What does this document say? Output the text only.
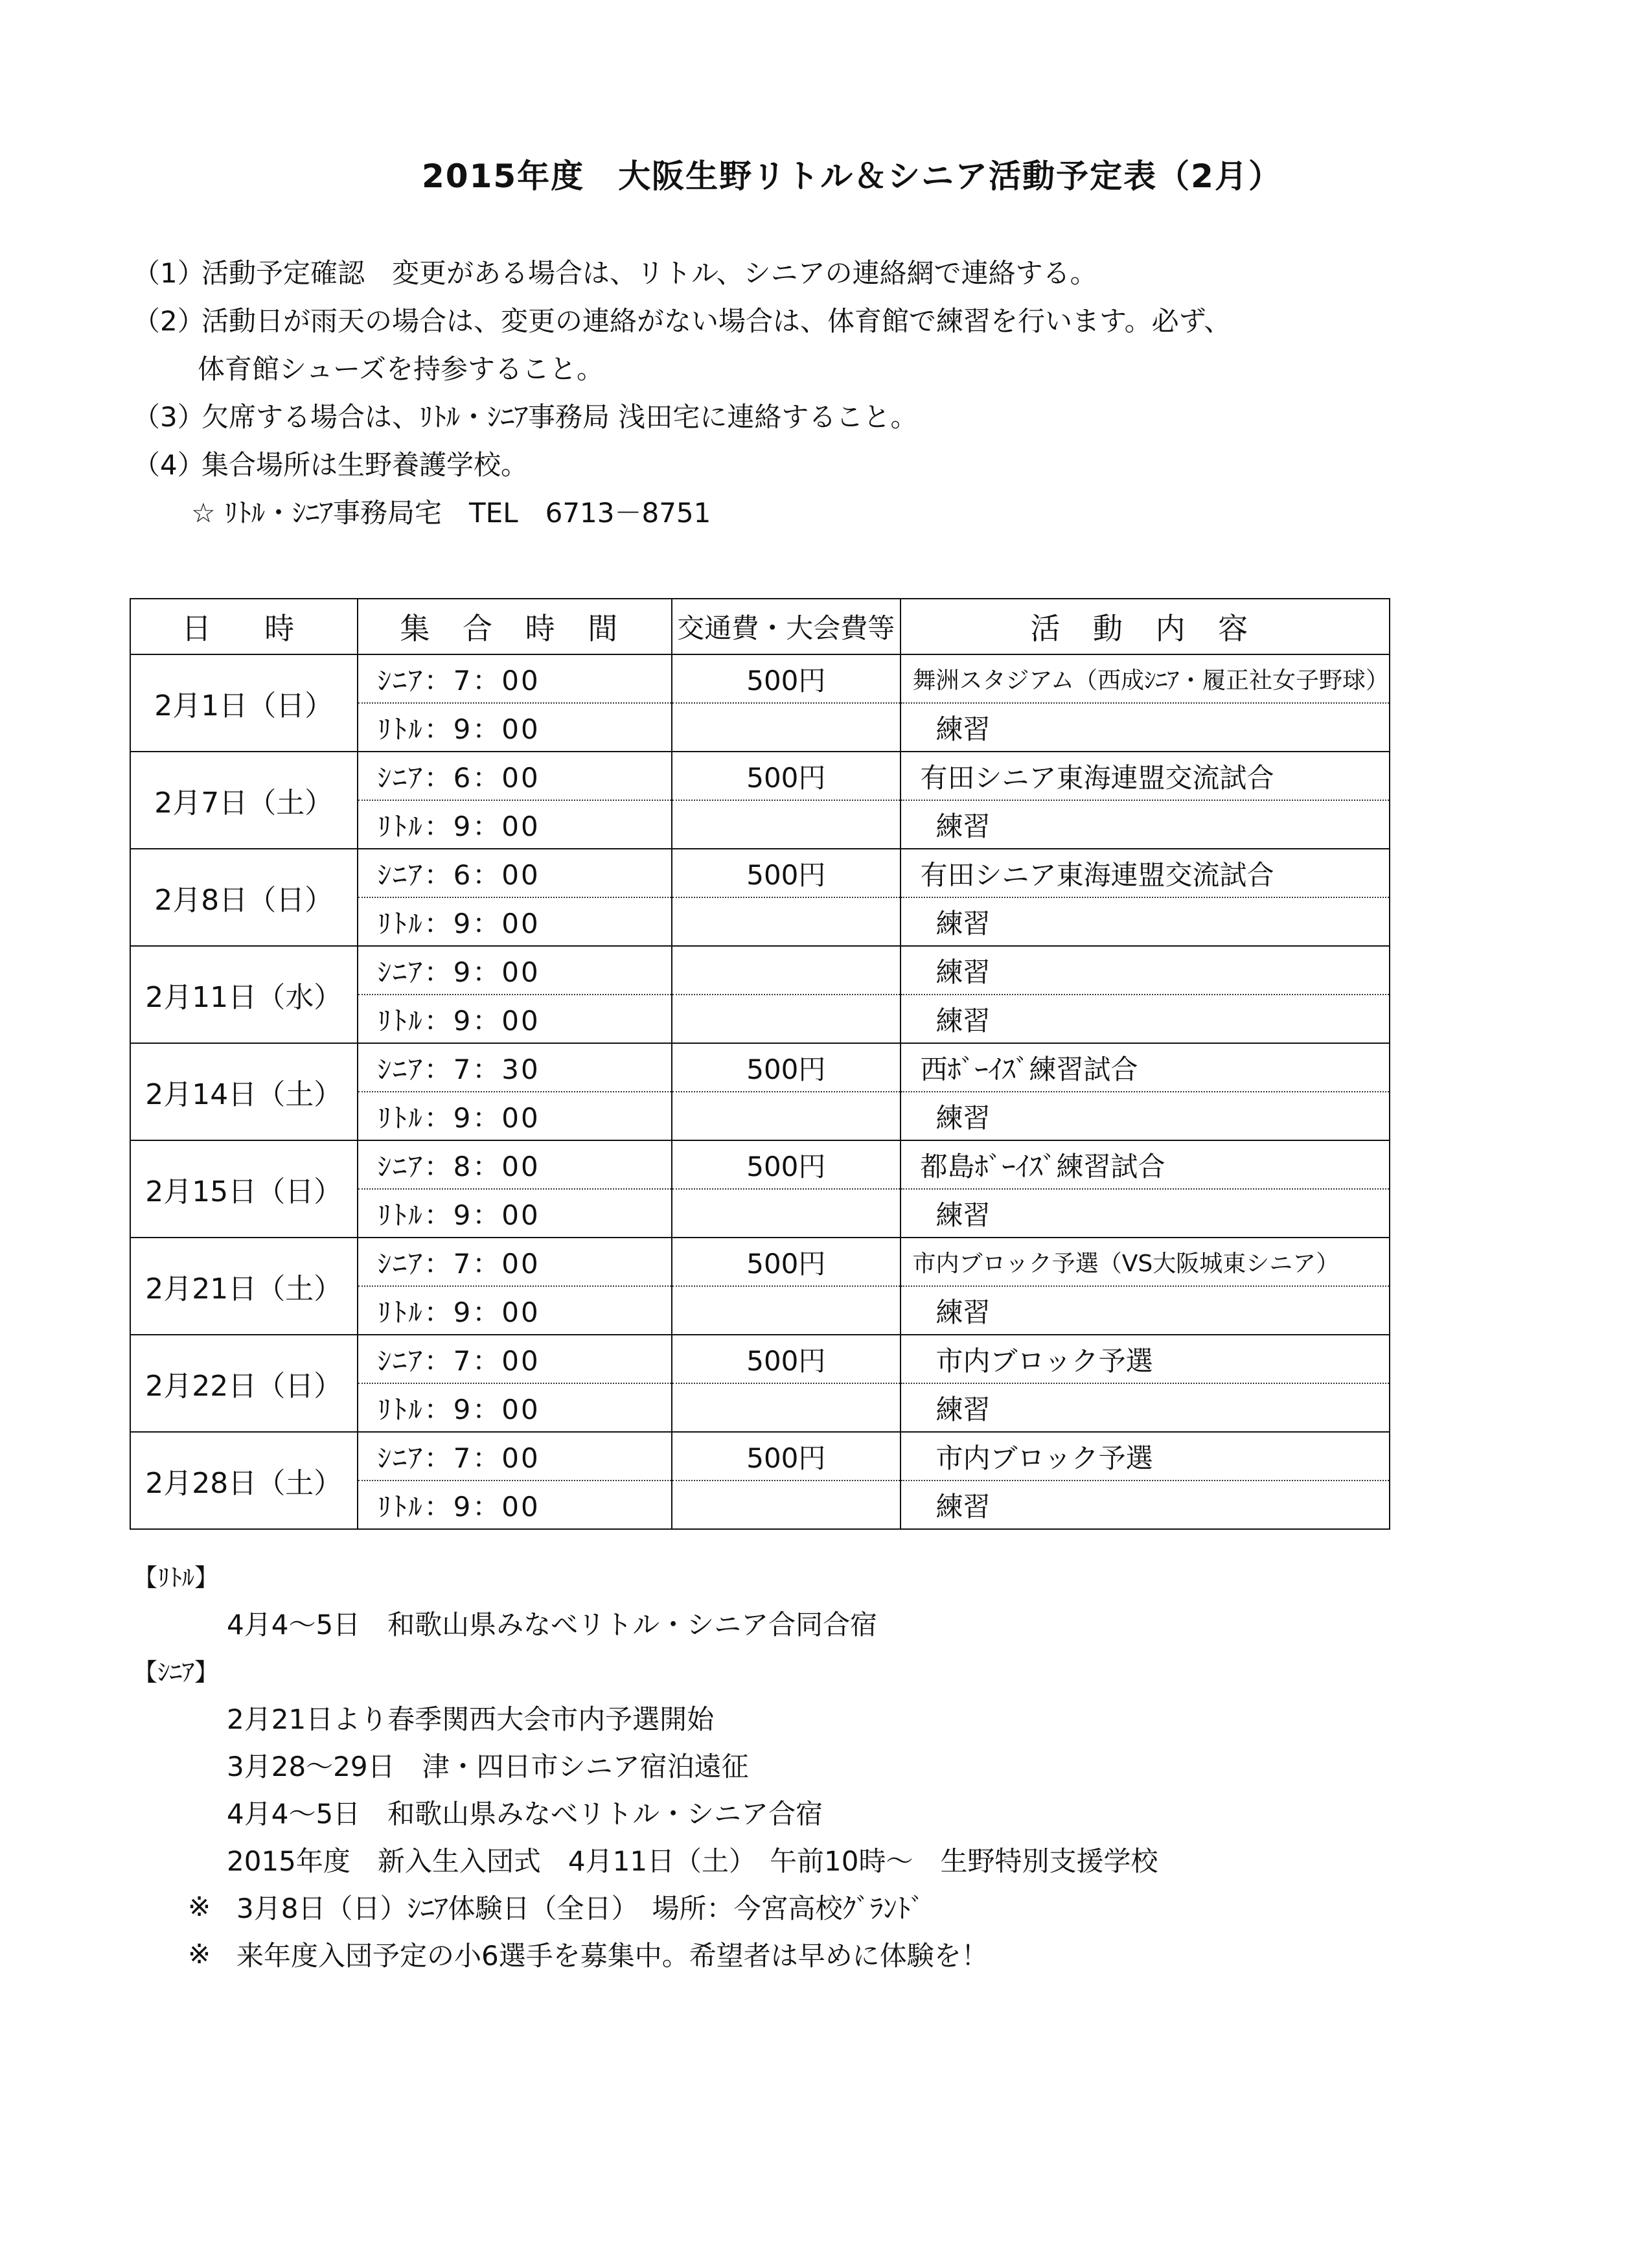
2015年度　大阪生野リトル＆シニア活動予定表（2月）
（1）
活動予定確認　変更がある場合は、リトル、シニアの連絡網で連絡する。
（2）
活動日が雨天の場合は、変更の連絡がない場合は、体育館で練習を行います。必ず、
体育館シューズを持参すること。
（3）
欠席する場合は、ﾘﾄﾙ・ｼﾆｱ事務局 浅田宅に連絡すること。
（4）
集合場所は生野養護学校。
☆ ﾘﾄﾙ・ｼﾆｱ事務局宅　TEL　6713－8751
日　時	集 合 時 間	交通費・大会費等	活 動 内 容
2月1日（日）	ｼﾆｱ：7：00	500円	舞洲スタジアム（西成ｼﾆｱ・履正社女子野球）
	ﾘﾄﾙ：9：00		練習
2月7日（土）	ｼﾆｱ：6：00	500円	有田シニア東海連盟交流試合
	ﾘﾄﾙ：9：00		練習
2月8日（日）	ｼﾆｱ：6：00	500円	有田シニア東海連盟交流試合
	ﾘﾄﾙ：9：00		練習
2月11日（水）	ｼﾆｱ：9：00		練習
	ﾘﾄﾙ：9：00		練習
2月14日（土）	ｼﾆｱ：7：30	500円	西ﾎﾞｰｲｽﾞ練習試合
	ﾘﾄﾙ：9：00		練習
2月15日（日）	ｼﾆｱ：8：00	500円	都島ﾎﾞｰｲｽﾞ練習試合
	ﾘﾄﾙ：9：00		練習
2月21日（土）	ｼﾆｱ：7：00	500円	市内ブロック予選（VS大阪城東シニア）
	ﾘﾄﾙ：9：00		練習
2月22日（日）	ｼﾆｱ：7：00	500円	市内ブロック予選
	ﾘﾄﾙ：9：00		練習
2月28日（土）	ｼﾆｱ：7：00	500円	市内ブロック予選
	ﾘﾄﾙ：9：00		練習
【ﾘﾄﾙ】
4月4～5日　和歌山県みなべリトル・シニア合同合宿
【ｼﾆｱ】
2月21日より春季関西大会市内予選開始
3月28～29日　津・四日市シニア宿泊遠征
4月4～5日　和歌山県みなべリトル・シニア合宿
2015年度　新入生入団式　4月11日（土）　午前10時～　生野特別支援学校
※ 3月8日（日）ｼﾆｱ体験日（全日）　場所：今宮高校ｸﾞﾗﾝﾄﾞ
※ 来年度入団予定の小6選手を募集中。希望者は早めに体験を！
